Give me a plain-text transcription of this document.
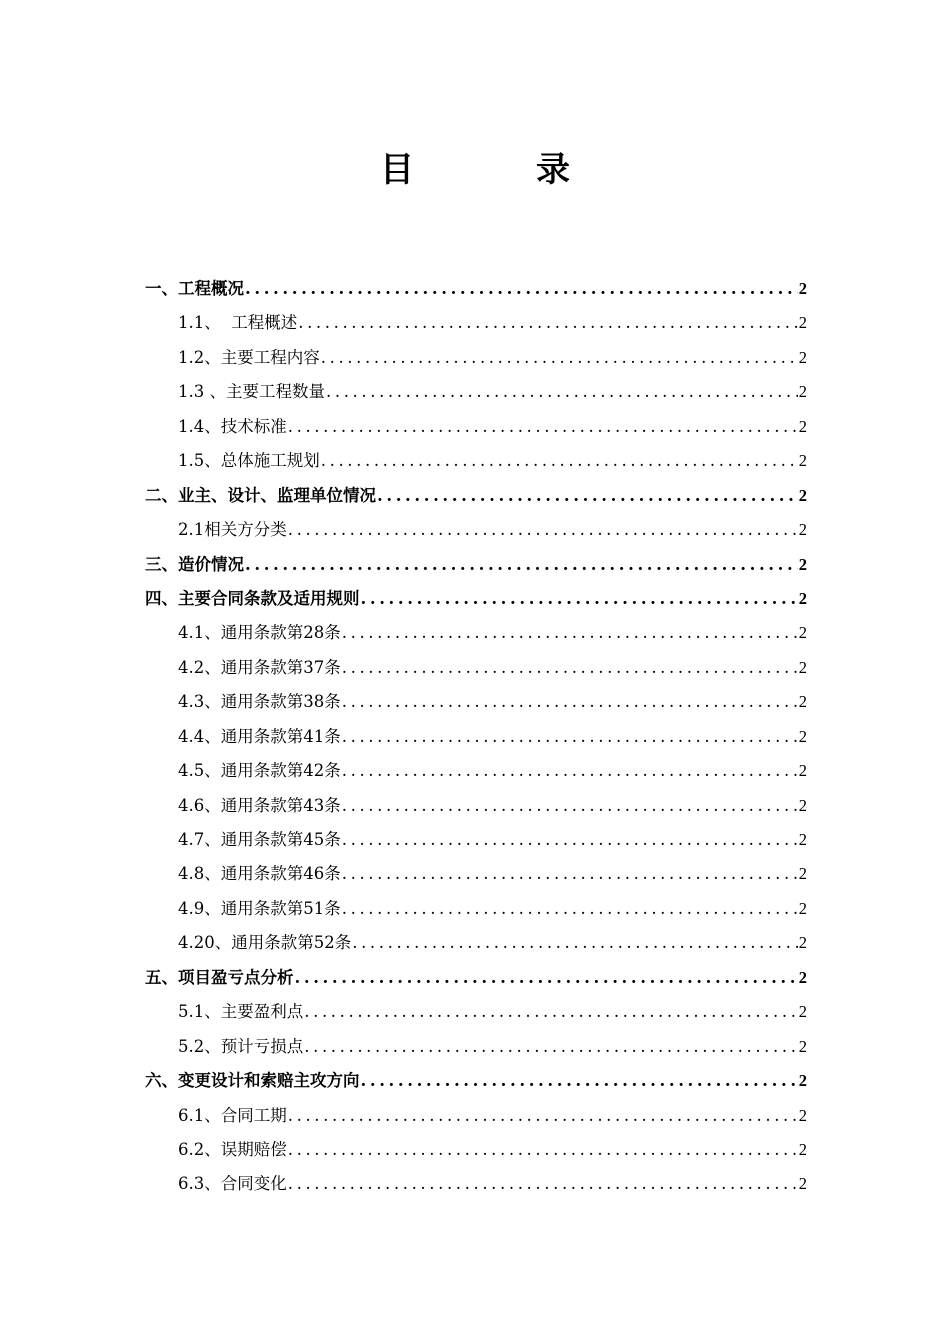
目　录
一、工程概况 .....	2
1.1、  工程概述 .....	2
1.2、主要工程内容 .....	2
1.3 、主要工程数量 .....	2
1.4、技术标准 .....	2
1.5、总体施工规划 .....	2
二、业主、设计、监理单位情况 .....	2
2.1相关方分类 .....	2
三、造价情况 .....	2
四、主要合同条款及适用规则 .....	2
4.1、通用条款第28条 .....	2
4.2、通用条款第37条 .....	2
4.3、通用条款第38条 .....	2
4.4、通用条款第41条 .....	2
4.5、通用条款第42条 .....	2
4.6、通用条款第43条 .....	2
4.7、通用条款第45条 .....	2
4.8、通用条款第46条 .....	2
4.9、通用条款第51条 .....	2
4.20、通用条款第52条 .....	2
五、项目盈亏点分析 .....	2
5.1、主要盈利点 .....	2
5.2、预计亏损点 .....	2
六、变更设计和索赔主攻方向 .....	2
6.1、合同工期 .....	2
6.2、误期赔偿 .....	2
6.3、合同变化 .....	2
